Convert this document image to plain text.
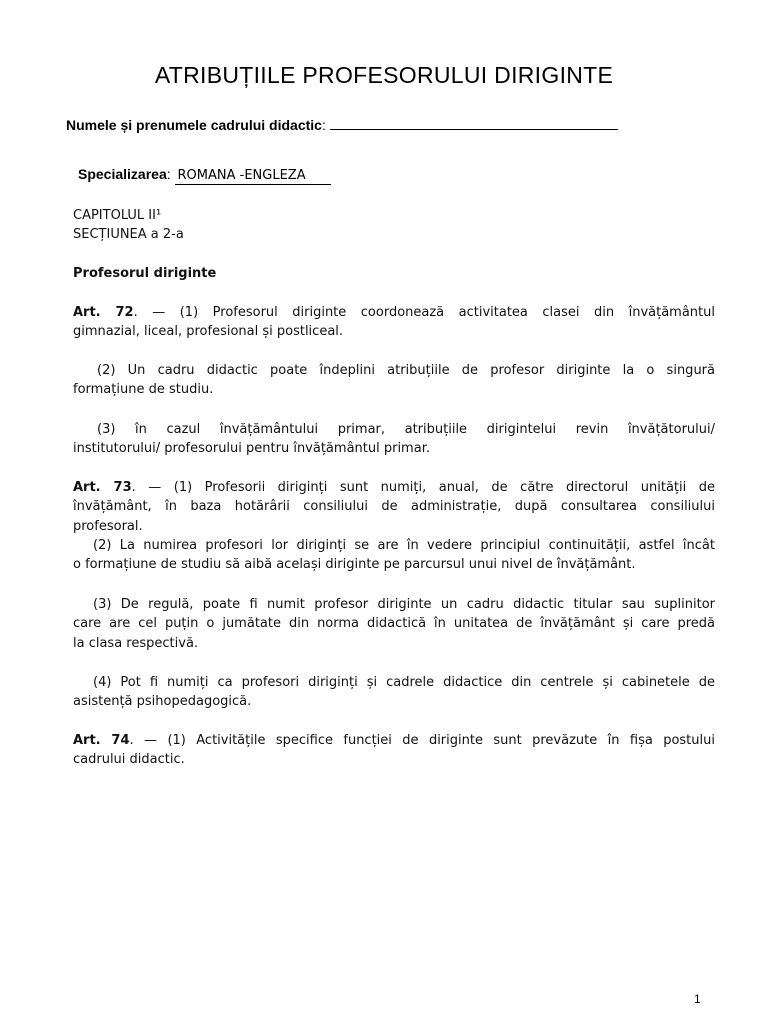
ATRIBUȚIILE PROFESORULUI DIRIGINTE
Numele și prenumele cadrului didactic:
Specializarea: ROMANA -ENGLEZA
CAPITOLUL II¹
SECȚIUNEA a 2-a
Profesorul diriginte
Art. 72. — (1) Profesorul diriginte coordonează activitatea clasei din învățământul
gimnazial, liceal, profesional și postliceal.
(2) Un cadru didactic poate îndeplini atribuțiile de profesor diriginte la o singură
formațiune de studiu.
(3) în cazul învățământului primar, atribuțiile dirigintelui revin învățătorului/
institutorului/ profesorului pentru învățământul primar.
Art. 73. — (1) Profesorii diriginți sunt numiți, anual, de către directorul unității de
învățământ, în baza hotărârii consiliului de administrație, după consultarea consiliului
profesoral.
(2) La numirea profesori lor diriginți se are în vedere principiul continuității, astfel încât
o formațiune de studiu să aibă același diriginte pe parcursul unui nivel de învățământ.
(3) De regulă, poate fi numit profesor diriginte un cadru didactic titular sau suplinitor
care are cel puțin o jumătate din norma didactică în unitatea de învățământ și care predă
la clasa respectivă.
(4) Pot fi numiți ca profesori diriginți și cadrele didactice din centrele și cabinetele de
asistență psihopedagogică.
Art. 74. — (1) Activitățile specifice funcției de diriginte sunt prevăzute în fișa postului
cadrului didactic.
1
